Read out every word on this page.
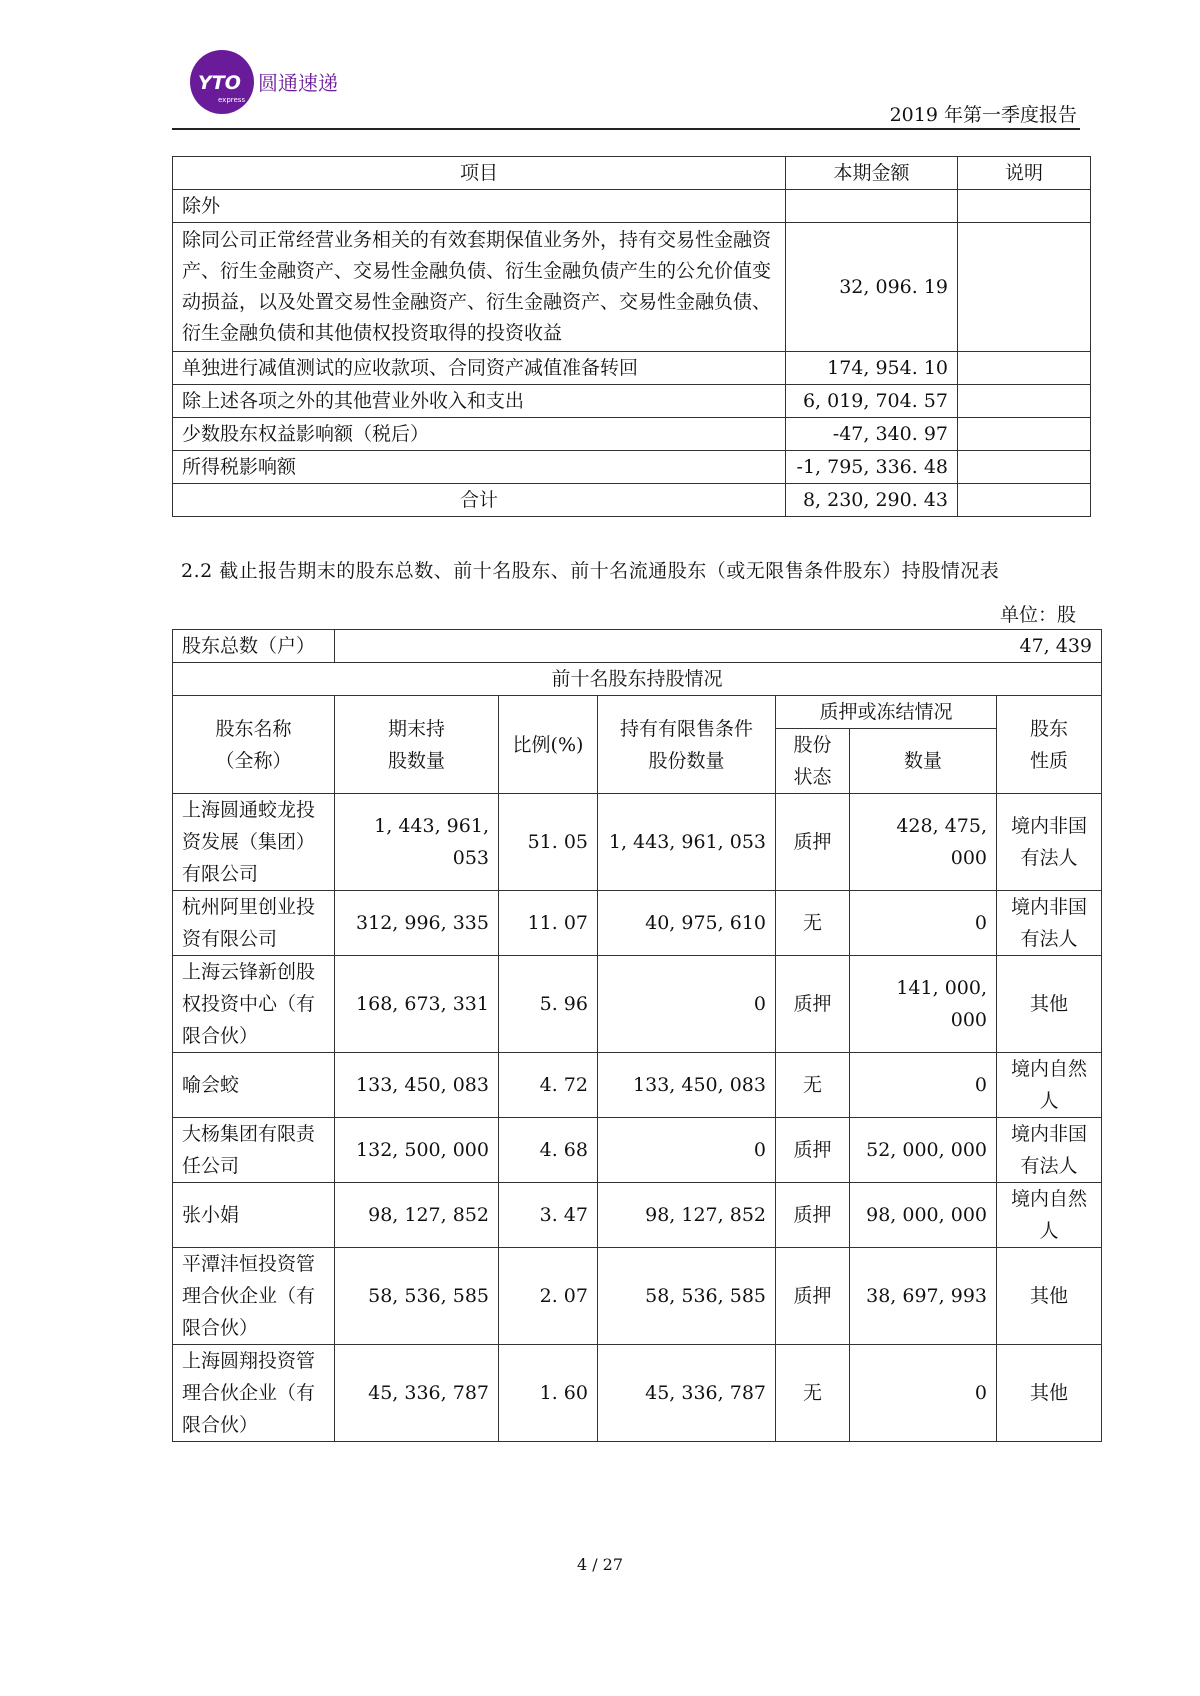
YTO
express
圆通速递
2019 年第一季度报告
项目	本期金额	说明
除外		
除同公司正常经营业务相关的有效套期保值业务外，持有交易性金融资产、衍生金融资产、交易性金融负债、衍生金融负债产生的公允价值变动损益，以及处置交易性金融资产、衍生金融资产、交易性金融负债、衍生金融负债和其他债权投资取得的投资收益	32, 096. 19	
单独进行减值测试的应收款项、合同资产减值准备转回	174, 954. 10	
除上述各项之外的其他营业外收入和支出	6, 019, 704. 57	
少数股东权益影响额（税后）	-47, 340. 97	
所得税影响额	-1, 795, 336. 48	
合计	8, 230, 290. 43	
2.2 截止报告期末的股东总数、前十名股东、前十名流通股东（或无限售条件股东）持股情况表
单位：股
股东总数（户）	47, 439					
前十名股东持股情况						
股东名称（全称）	期末持股数量	比例(%)	持有有限售条件股份数量	质押或冻结情况		股东性质
				股份状态	数量	
上海圆通蛟龙投资发展（集团）有限公司	1, 443, 961, 053	51. 05	1, 443, 961, 053	质押	428, 475, 000	境内非国有法人
杭州阿里创业投资有限公司	312, 996, 335	11. 07	40, 975, 610	无	0	境内非国有法人
上海云锋新创股权投资中心（有限合伙）	168, 673, 331	5. 96	0	质押	141, 000, 000	其他
喻会蛟	133, 450, 083	4. 72	133, 450, 083	无	0	境内自然人
大杨集团有限责任公司	132, 500, 000	4. 68	0	质押	52, 000, 000	境内非国有法人
张小娟	98, 127, 852	3. 47	98, 127, 852	质押	98, 000, 000	境内自然人
平潭沣恒投资管理合伙企业（有限合伙）	58, 536, 585	2. 07	58, 536, 585	质押	38, 697, 993	其他
上海圆翔投资管理合伙企业（有限合伙）	45, 336, 787	1. 60	45, 336, 787	无	0	其他
4 / 27
